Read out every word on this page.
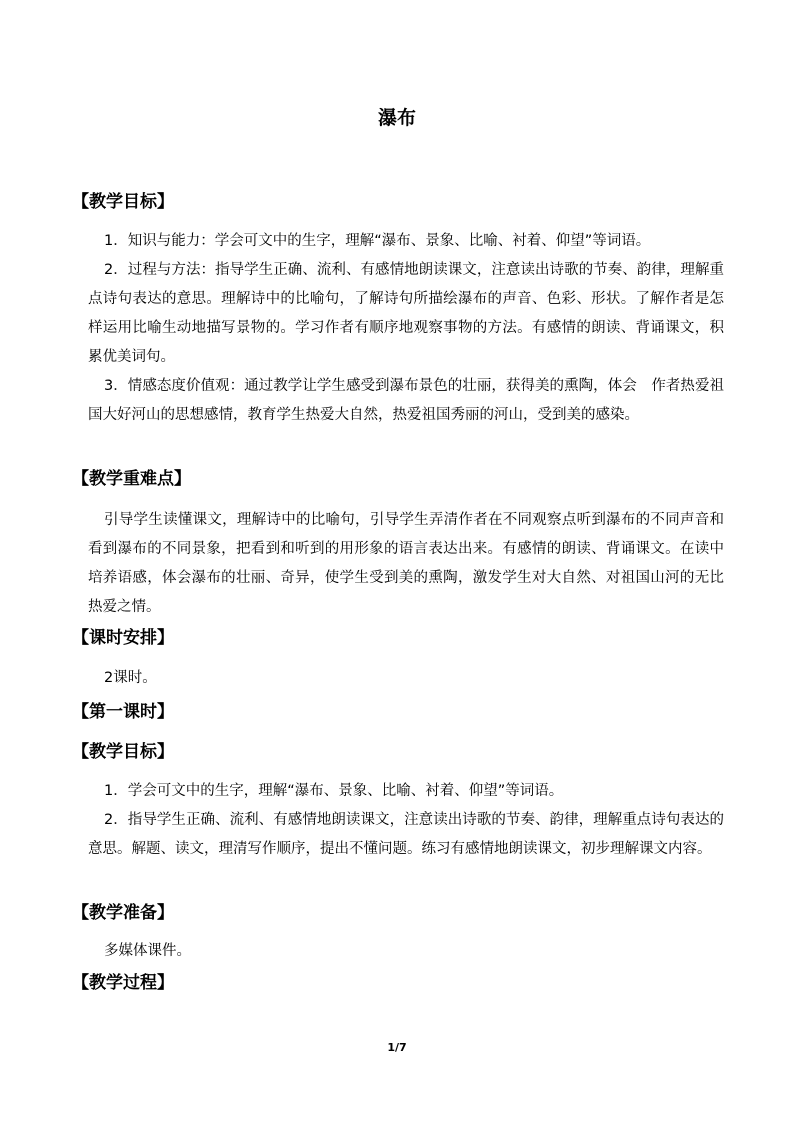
瀑布
【教学目标】
1．知识与能力：学会可文中的生字，理解“瀑布、景象、比喻、衬着、仰望”等词语。
2．过程与方法：指导学生正确、流利、有感情地朗读课文，注意读出诗歌的节奏、韵律，理解重点诗句表达的意思。理解诗中的比喻句，了解诗句所描绘瀑布的声音、色彩、形状。了解作者是怎样运用比喻生动地描写景物的。学习作者有顺序地观察事物的方法。有感情的朗读、背诵课文，积累优美词句。
3．情感态度价值观：通过教学让学生感受到瀑布景色的壮丽，获得美的熏陶，体会　作者热爱祖国大好河山的思想感情，教育学生热爱大自然，热爱祖国秀丽的河山，受到美的感染。
【教学重难点】
引导学生读懂课文，理解诗中的比喻句，引导学生弄清作者在不同观察点听到瀑布的不同声音和看到瀑布的不同景象，把看到和听到的用形象的语言表达出来。有感情的朗读、背诵课文。在读中培养语感，体会瀑布的壮丽、奇异，使学生受到美的熏陶，激发学生对大自然、对祖国山河的无比热爱之情。
【课时安排】
2课时。
【第一课时】
【教学目标】
1．学会可文中的生字，理解“瀑布、景象、比喻、衬着、仰望”等词语。
2．指导学生正确、流利、有感情地朗读课文，注意读出诗歌的节奏、韵律，理解重点诗句表达的意思。解题、读文，理清写作顺序，提出不懂问题。练习有感情地朗读课文，初步理解课文内容。
【教学准备】
多媒体课件。
【教学过程】
1/7
